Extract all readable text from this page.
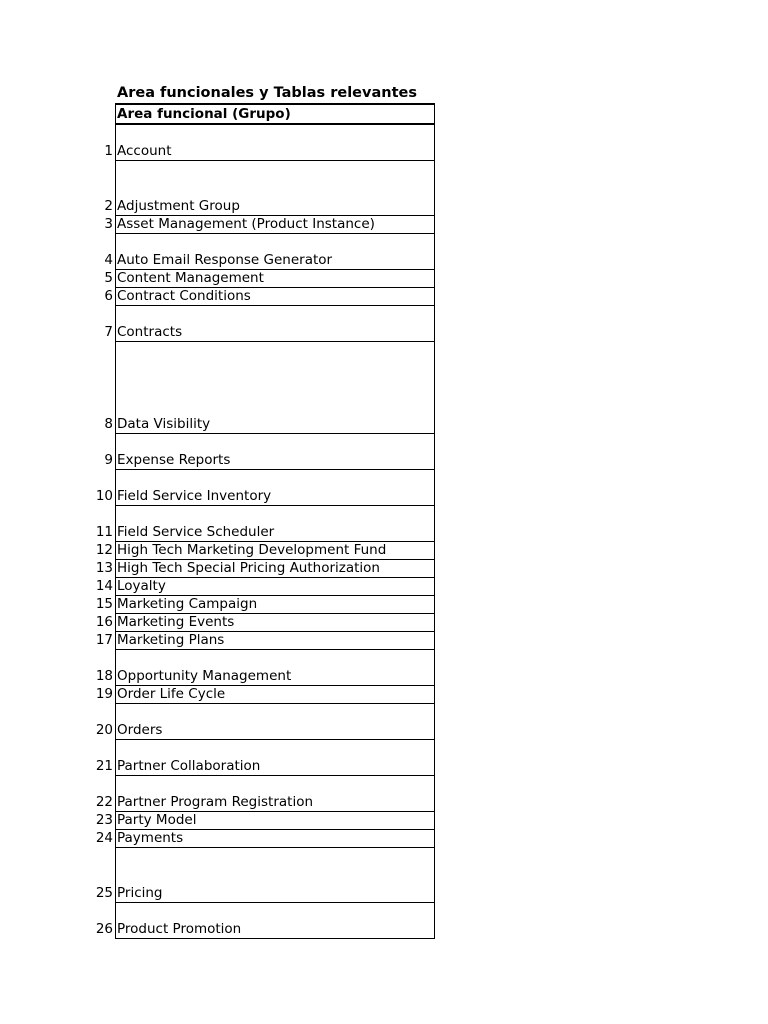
Area funcionales y Tablas relevantes
Area funcional (Grupo)
1 Account
2 Adjustment Group
3 Asset Management (Product Instance)
4 Auto Email Response Generator
5 Content Management
6 Contract Conditions
7 Contracts
8 Data Visibility
9 Expense Reports
10 Field Service Inventory
11 Field Service Scheduler
12 High Tech Marketing Development Fund
13 High Tech Special Pricing Authorization
14 Loyalty
15 Marketing Campaign
16 Marketing Events
17 Marketing Plans
18 Opportunity Management
19 Order Life Cycle
20 Orders
21 Partner Collaboration
22 Partner Program Registration
23 Party Model
24 Payments
25 Pricing
26 Product Promotion
